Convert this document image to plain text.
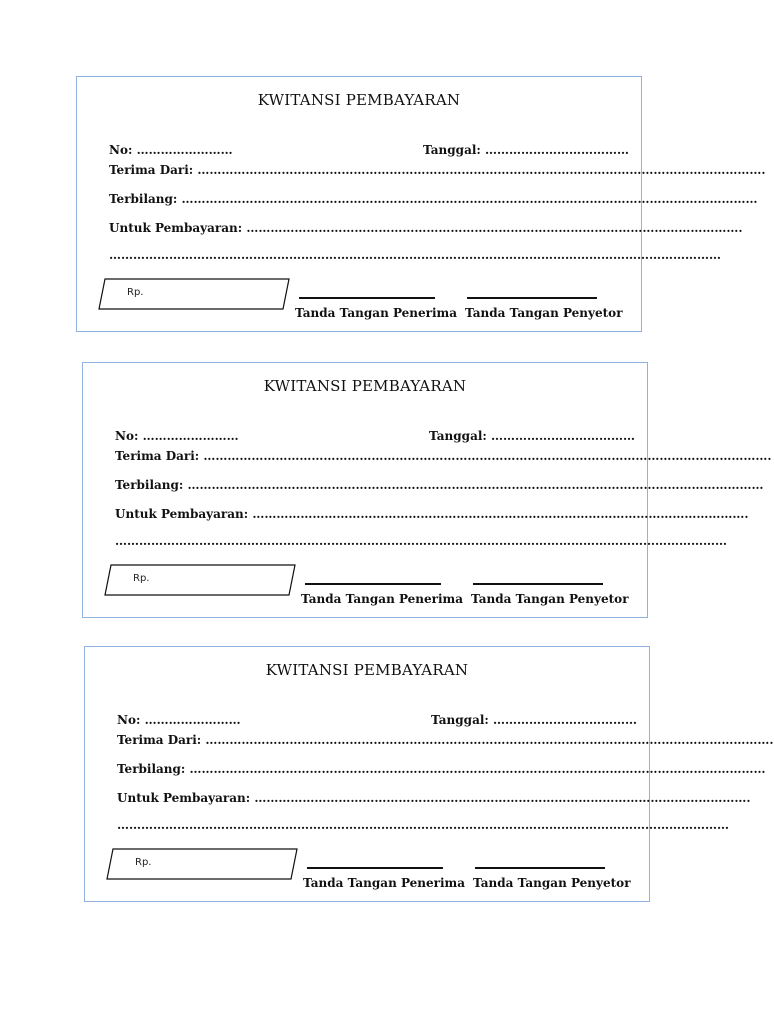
KWITANSI PEMBAYARAN
No: ……………………	Tanggal: ………………………………
Terima Dari: …………………………………………………………………………………………………………………………….
Terbilang: ………………………………………………………………………………………………………………………………
Untuk Pembayaran: …………………………………………………………………………………………………………….
………………………………………………………………………………………………………………………………………
Rp.
Tanda Tangan Penerima Tanda Tangan Penyetor
KWITANSI PEMBAYARAN
No: ……………………	Tanggal: ………………………………
Terima Dari: …………………………………………………………………………………………………………………………….
Terbilang: ………………………………………………………………………………………………………………………………
Untuk Pembayaran: …………………………………………………………………………………………………………….
………………………………………………………………………………………………………………………………………
Rp.
Tanda Tangan Penerima Tanda Tangan Penyetor
KWITANSI PEMBAYARAN
No: ……………………	Tanggal: ………………………………
Terima Dari: …………………………………………………………………………………………………………………………….
Terbilang: ………………………………………………………………………………………………………………………………
Untuk Pembayaran: …………………………………………………………………………………………………………….
………………………………………………………………………………………………………………………………………
Rp.
Tanda Tangan Penerima Tanda Tangan Penyetor
